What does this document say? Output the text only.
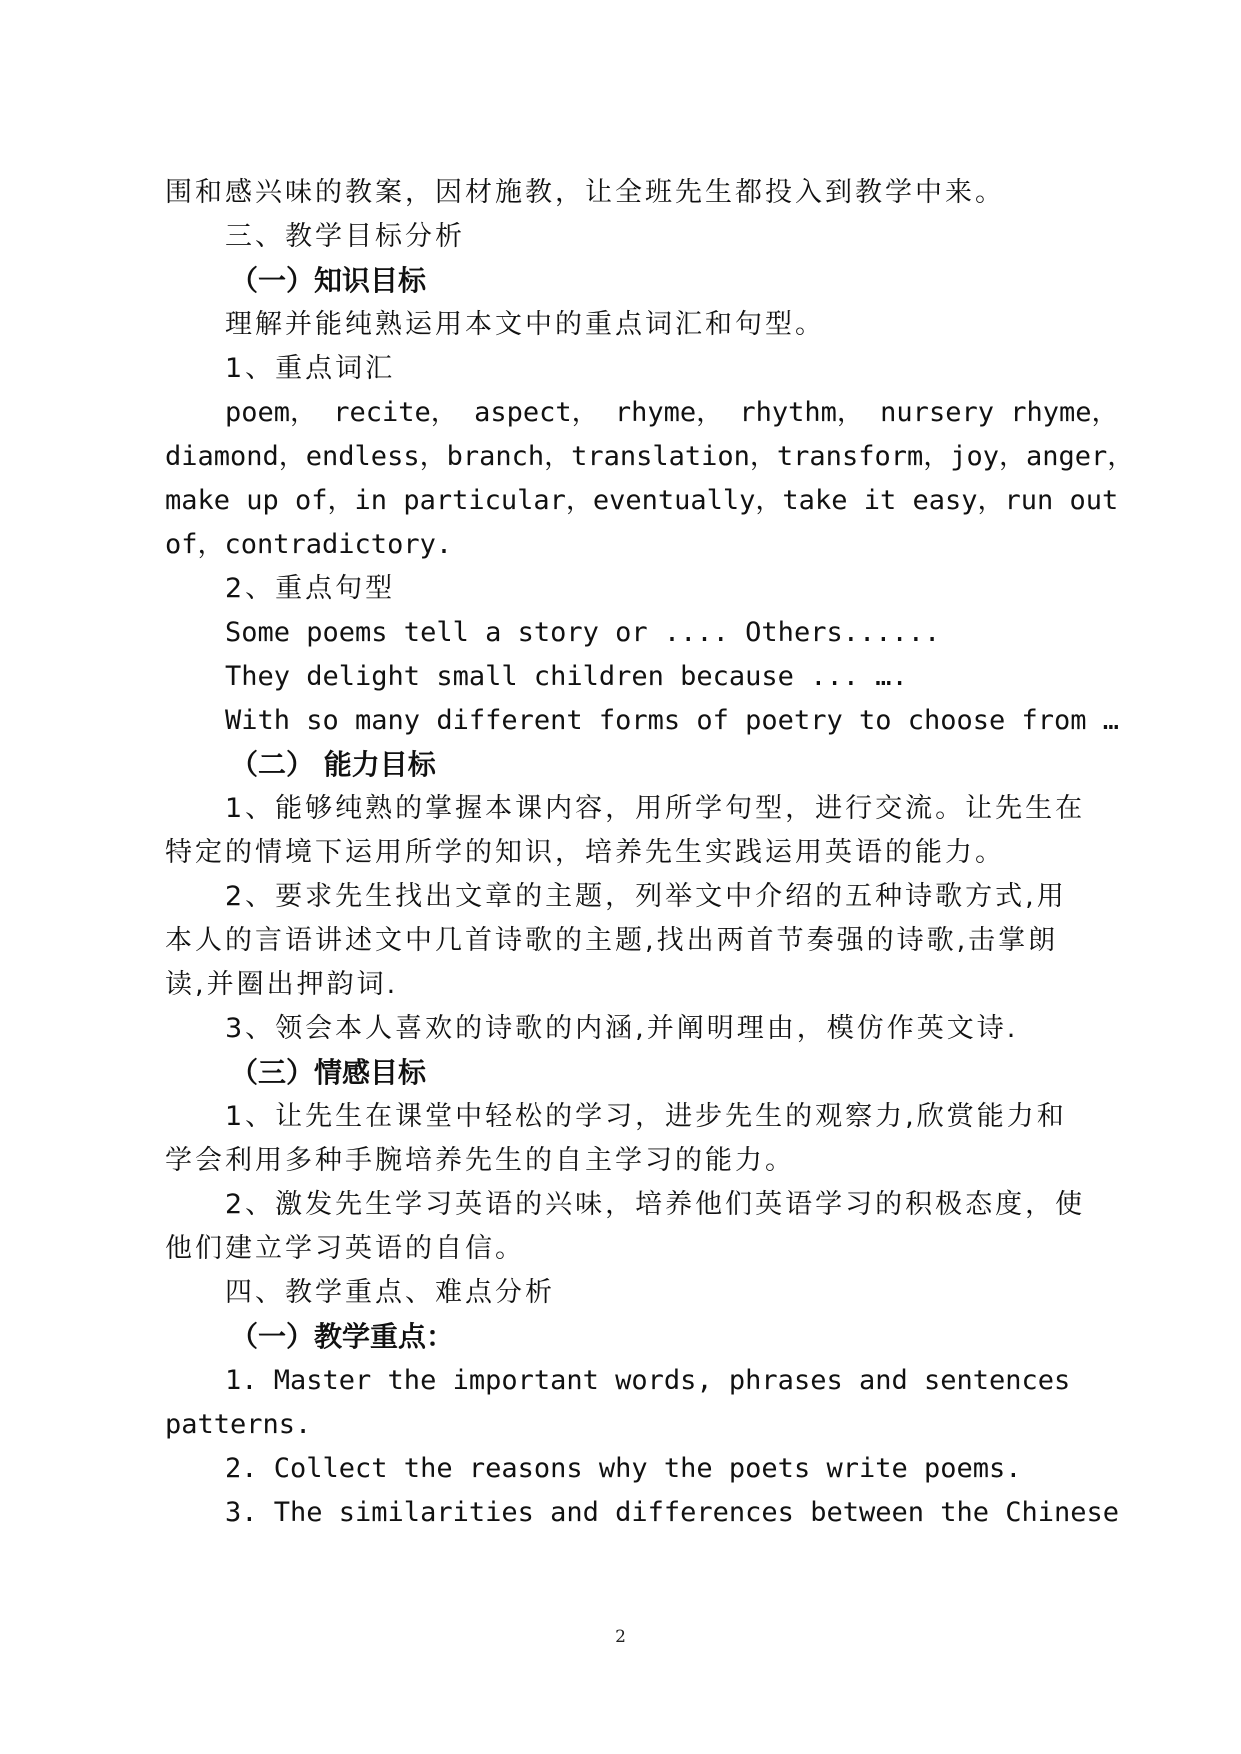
围和感兴味的教案，因材施教，让全班先生都投入到教学中来。
三、教学目标分析
（一）知识目标
理解并能纯熟运用本文中的重点词汇和句型。
1、重点词汇
poem， recite， aspect， rhyme， rhythm， nursery rhyme，
diamond，endless，branch，translation，transform，joy，anger，
make up of，in particular，eventually，take it easy，run out
of，contradictory.
2、重点句型
Some poems tell a story or .... Others......
They delight small children because ... ….
With so many different forms of poetry to choose from …
（二） 能力目标
1、能够纯熟的掌握本课内容，用所学句型，进行交流。让先生在
特定的情境下运用所学的知识，培养先生实践运用英语的能力。
2、要求先生找出文章的主题，列举文中介绍的五种诗歌方式,用
本人的言语讲述文中几首诗歌的主题,找出两首节奏强的诗歌,击掌朗
读,并圈出押韵词.
3、领会本人喜欢的诗歌的内涵,并阐明理由，模仿作英文诗.
（三）情感目标
1、让先生在课堂中轻松的学习，进步先生的观察力,欣赏能力和
学会利用多种手腕培养先生的自主学习的能力。
2、激发先生学习英语的兴味，培养他们英语学习的积极态度，使
他们建立学习英语的自信。
四、教学重点、难点分析
（一）教学重点：
1. Master the important words, phrases and sentences
patterns.
2. Collect the reasons why the poets write poems.
3. The similarities and differences between the Chinese
2
